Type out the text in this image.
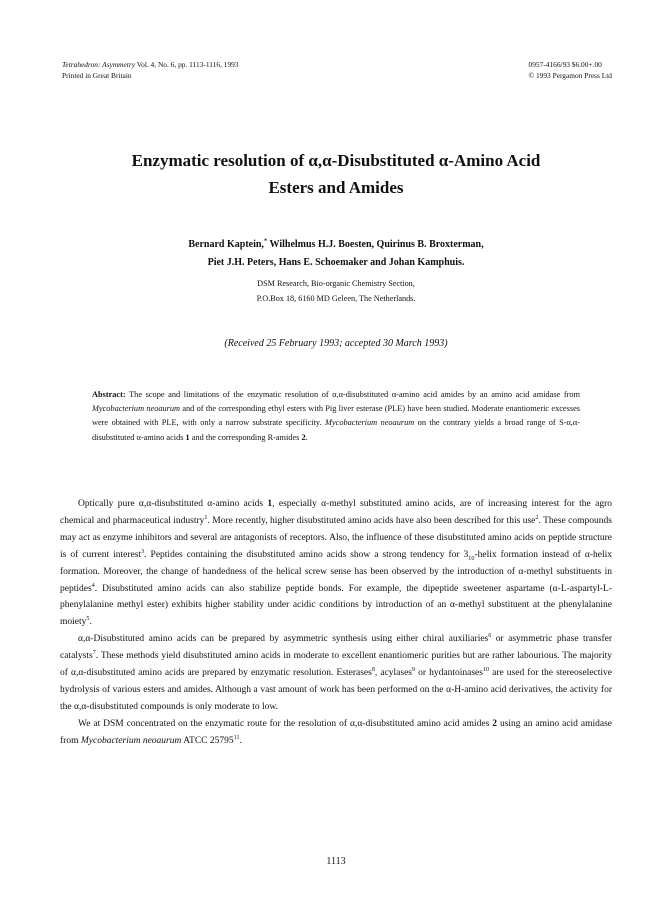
Tetrahedron: Asymmetry Vol. 4, No. 6, pp. 1113-1116, 1993
Printed in Great Britain
0957-4166/93 $6.00+.00
© 1993 Pergamon Press Ltd
Enzymatic resolution of α,α-Disubstituted α-Amino Acid
Esters and Amides
Bernard Kaptein,* Wilhelmus H.J. Boesten, Quirinus B. Broxterman,
Piet J.H. Peters, Hans E. Schoemaker and Johan Kamphuis.
DSM Research, Bio-organic Chemistry Section,
P.O.Box 18, 6160 MD Geleen, The Netherlands.
(Received 25 February 1993; accepted 30 March 1993)
Abstract: The scope and limitations of the enzymatic resolution of α,α-disubstituted α-amino acid amides by an amino acid amidase from Mycobacterium neoaurum and of the corresponding ethyl esters with Pig liver esterase (PLE) have been studied. Moderate enantiomeric excesses were obtained with PLE, with only a narrow substrate specificity. Mycobacterium neoaurum on the contrary yields a broad range of S-α,α-disubstituted α-amino acids 1 and the corresponding R-amides 2.

Optically pure α,α-disubstituted α-amino acids 1, especially α-methyl substituted amino acids, are of increasing interest for the agro chemical and pharmaceutical industry$^1$. More recently, higher disubstituted amino acids have also been described for this use$^2$. These compounds may act as enzyme inhibitors and several are antagonists of receptors. Also, the influence of these disubstituted amino acids on peptide structure is of current interest$^3$. Peptides containing the disubstituted amino acids show a strong tendency for $3_{10}$-helix formation instead of α-helix formation. Moreover, the change of handedness of the helical screw sense has been observed by the introduction of α-methyl substituents in peptides$^4$. Disubstituted amino acids can also stabilize peptide bonds. For example, the dipeptide sweetener aspartame (α-L-aspartyl-L-phenylalanine methyl ester) exhibits higher stability under acidic conditions by introduction of an α-methyl substituent at the phenylalanine moiety$^5$.

α,α-Disubstituted amino acids can be prepared by asymmetric synthesis using either chiral auxiliaries$^6$ or asymmetric phase transfer catalysts$^7$. These methods yield disubstituted amino acids in moderate to excellent enantiomeric purities but are rather labourious. The majority of α,α-disubstituted amino acids are prepared by enzymatic resolution. Esterases$^8$, acylases$^9$ or hydantoinases$^{10}$ are used for the stereoselective hydrolysis of various esters and amides. Although a vast amount of work has been performed on the α-H-amino acid derivatives, the activity for the α,α-disubstituted compounds is only moderate to low.

We at DSM concentrated on the enzymatic route for the resolution of α,α-disubstituted amino acid amides 2 using an amino acid amidase from Mycobacterium neoaurum ATCC 25795$^{11}$.

1113
